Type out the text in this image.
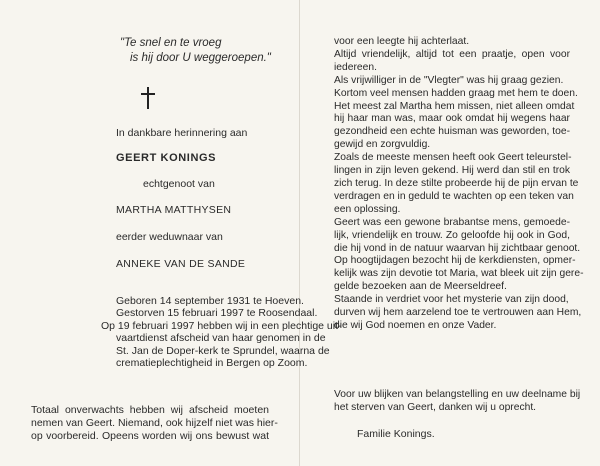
"Te snel en te vroeg
is hij door U weggeroepen."
In dankbare herinnering aan
GEERT KONINGS
echtgenoot van
MARTHA MATTHYSEN
eerder weduwnaar van
ANNEKE VAN DE SANDE
Geboren 14 september 1931 te Hoeven.
Gestorven 15 februari 1997 te Roosendaal.
Op 19 februari 1997 hebben wij in een plechtige uit-
vaartdienst afscheid van haar genomen in de
St. Jan de Doper-kerk te Sprundel, waarna de
crematieplechtigheid in Bergen op Zoom.
Totaal onverwachts hebben wij afscheid moeten
nemen van Geert. Niemand, ook hijzelf niet was hier-
op voorbereid. Opeens worden wij ons bewust wat
voor een leegte hij achterlaat.
Altijd vriendelijk, altijd tot een praatje, open voor
iedereen.
Als vrijwilliger in de "Vlegter" was hij graag gezien.
Kortom veel mensen hadden graag met hem te doen.
Het meest zal Martha hem missen, niet alleen omdat
hij haar man was, maar ook omdat hij wegens haar
gezondheid een echte huisman was geworden, toe-
gewijd en zorgvuldig.
Zoals de meeste mensen heeft ook Geert teleurstel-
lingen in zijn leven gekend. Hij werd dan stil en trok
zich terug. In deze stilte probeerde hij de pijn ervan te
verdragen en in geduld te wachten op een teken van
een oplossing.
Geert was een gewone brabantse mens, gemoede-
lijk, vriendelijk en trouw. Zo geloofde hij ook in God,
die hij vond in de natuur waarvan hij zichtbaar genoot.
Op hoogtijdagen bezocht hij de kerkdiensten, opmer-
kelijk was zijn devotie tot Maria, wat bleek uit zijn gere-
gelde bezoeken aan de Meerseldreef.
Staande in verdriet voor het mysterie van zijn dood,
durven wij hem aarzelend toe te vertrouwen aan Hem,
die wij God noemen en onze Vader.
Voor uw blijken van belangstelling en uw deelname bij
het sterven van Geert, danken wij u oprecht.
Familie Konings.
